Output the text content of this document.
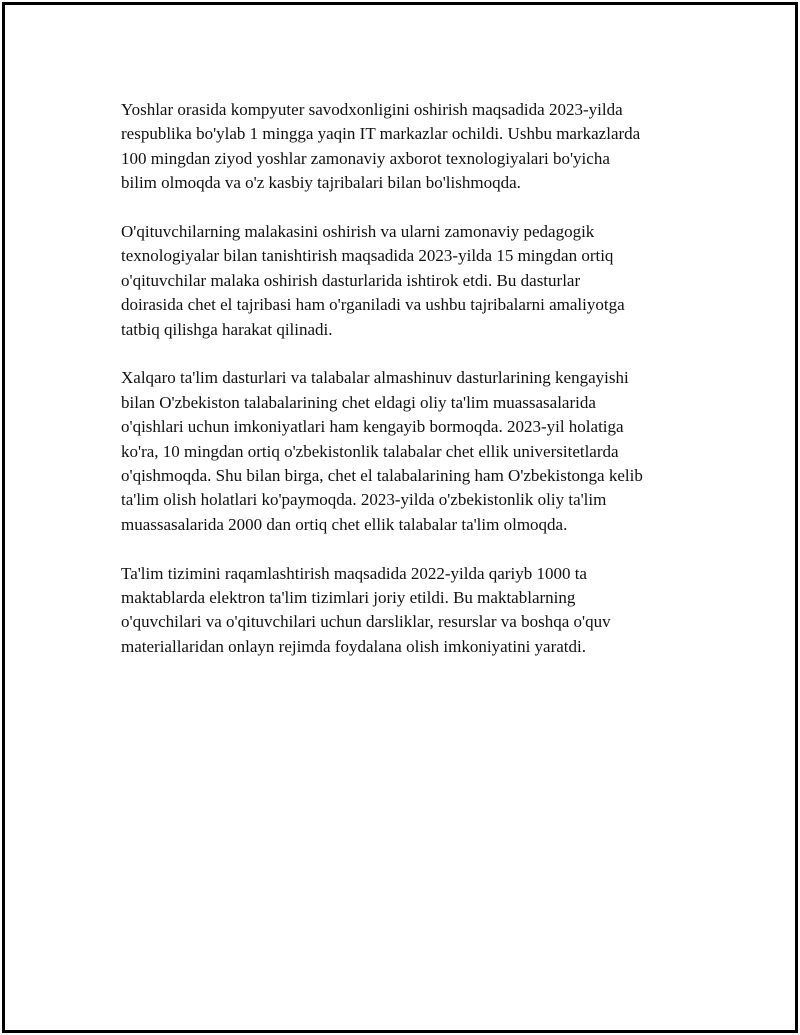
Yoshlar orasida kompyuter savodxonligini oshirish maqsadida 2023-yilda
respublika bo'ylab 1 mingga yaqin IT markazlar ochildi. Ushbu markazlarda
100 mingdan ziyod yoshlar zamonaviy axborot texnologiyalari bo'yicha
bilim olmoqda va o'z kasbiy tajribalari bilan bo'lishmoqda.

O'qituvchilarning malakasini oshirish va ularni zamonaviy pedagogik
texnologiyalar bilan tanishtirish maqsadida 2023-yilda 15 mingdan ortiq
o'qituvchilar malaka oshirish dasturlarida ishtirok etdi. Bu dasturlar
doirasida chet el tajribasi ham o'rganiladi va ushbu tajribalarni amaliyotga
tatbiq qilishga harakat qilinadi.

Xalqaro ta'lim dasturlari va talabalar almashinuv dasturlarining kengayishi
bilan O'zbekiston talabalarining chet eldagi oliy ta'lim muassasalarida
o'qishlari uchun imkoniyatlari ham kengayib bormoqda. 2023-yil holatiga
ko'ra, 10 mingdan ortiq o'zbekistonlik talabalar chet ellik universitetlarda
o'qishmoqda. Shu bilan birga, chet el talabalarining ham O'zbekistonga kelib
ta'lim olish holatlari ko'paymoqda. 2023-yilda o'zbekistonlik oliy ta'lim
muassasalarida 2000 dan ortiq chet ellik talabalar ta'lim olmoqda.

Ta'lim tizimini raqamlashtirish maqsadida 2022-yilda qariyb 1000 ta
maktablarda elektron ta'lim tizimlari joriy etildi. Bu maktablarning
o'quvchilari va o'qituvchilari uchun darsliklar, resurslar va boshqa o'quv
materiallaridan onlayn rejimda foydalana olish imkoniyatini yaratdi.
